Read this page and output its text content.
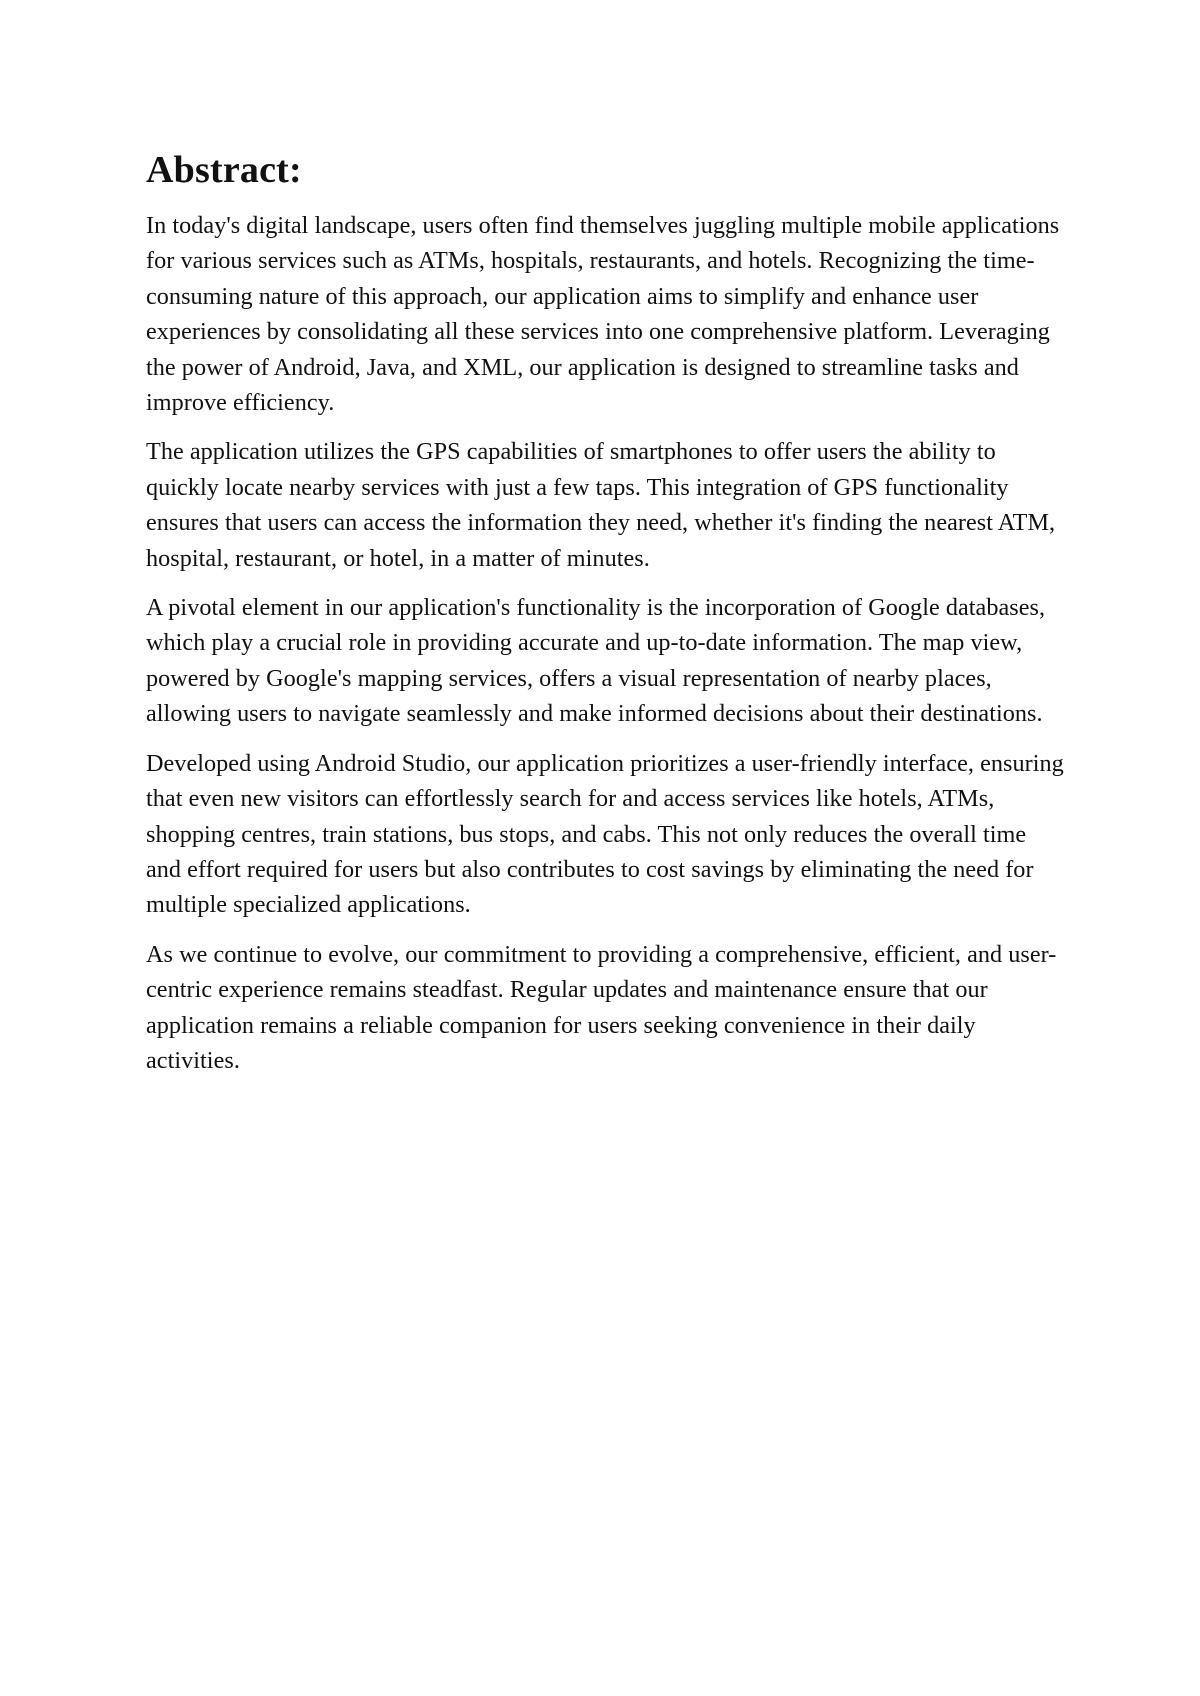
Abstract:

In today's digital landscape, users often find themselves juggling multiple mobile applications for various services such as ATMs, hospitals, restaurants, and hotels. Recognizing the time-consuming nature of this approach, our application aims to simplify and enhance user experiences by consolidating all these services into one comprehensive platform. Leveraging the power of Android, Java, and XML, our application is designed to streamline tasks and improve efficiency.

The application utilizes the GPS capabilities of smartphones to offer users the ability to quickly locate nearby services with just a few taps. This integration of GPS functionality ensures that users can access the information they need, whether it's finding the nearest ATM, hospital, restaurant, or hotel, in a matter of minutes.

A pivotal element in our application's functionality is the incorporation of Google databases, which play a crucial role in providing accurate and up-to-date information. The map view, powered by Google's mapping services, offers a visual representation of nearby places, allowing users to navigate seamlessly and make informed decisions about their destinations.

Developed using Android Studio, our application prioritizes a user-friendly interface, ensuring that even new visitors can effortlessly search for and access services like hotels, ATMs, shopping centres, train stations, bus stops, and cabs. This not only reduces the overall time and effort required for users but also contributes to cost savings by eliminating the need for multiple specialized applications.

As we continue to evolve, our commitment to providing a comprehensive, efficient, and user-centric experience remains steadfast. Regular updates and maintenance ensure that our application remains a reliable companion for users seeking convenience in their daily activities.
